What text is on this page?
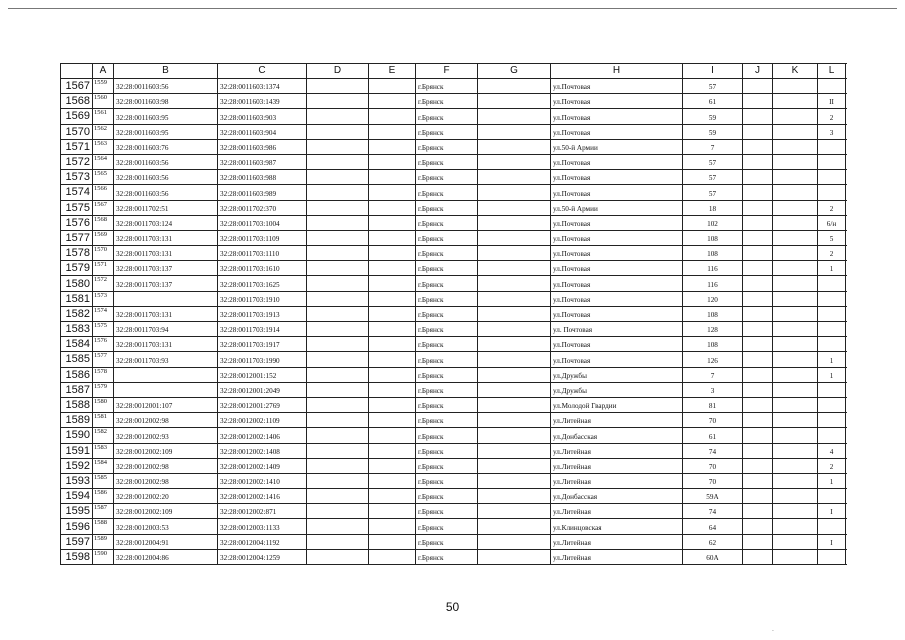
	A	B	C	D	E	F	G	H	I	J	K	L
1567	1559	32:28:0011603:56	32:28:0011603:1374			г.Брянск		ул.Почтовая	57			
1568	1560	32:28:0011603:98	32:28:0011603:1439			г.Брянск		ул.Почтовая	61			II
1569	1561	32:28:0011603:95	32:28:0011603:903			г.Брянск		ул.Почтовая	59			2
1570	1562	32:28:0011603:95	32:28:0011603:904			г.Брянск		ул.Почтовая	59			3
1571	1563	32:28:0011603:76	32:28:0011603:986			г.Брянск		ул.50-й Армии	7			
1572	1564	32:28:0011603:56	32:28:0011603:987			г.Брянск		ул.Почтовая	57			
1573	1565	32:28:0011603:56	32:28:0011603:988			г.Брянск		ул.Почтовая	57			
1574	1566	32:28:0011603:56	32:28:0011603:989			г.Брянск		ул.Почтовая	57			
1575	1567	32:28:0011702:51	32:28:0011702:370			г.Брянск		ул.50-й Армии	18			2
1576	1568	32:28:0011703:124	32:28:0011703:1004			г.Брянск		ул.Почтовая	102			6/н
1577	1569	32:28:0011703:131	32:28:0011703:1109			г.Брянск		ул.Почтовая	108			5
1578	1570	32:28:0011703:131	32:28:0011703:1110			г.Брянск		ул.Почтовая	108			2
1579	1571	32:28:0011703:137	32:28:0011703:1610			г.Брянск		ул.Почтовая	116			1
1580	1572	32:28:0011703:137	32:28:0011703:1625			г.Брянск		ул.Почтовая	116			
1581	1573		32:28:0011703:1910			г.Брянск		ул.Почтовая	120			
1582	1574	32:28:0011703:131	32:28:0011703:1913			г.Брянск		ул.Почтовая	108			
1583	1575	32:28:0011703:94	32:28:0011703:1914			г.Брянск		ул. Почтовая	128			
1584	1576	32:28:0011703:131	32:28:0011703:1917			г.Брянск		ул.Почтовая	108			
1585	1577	32:28:0011703:93	32:28:0011703:1990			г.Брянск		ул.Почтовая	126			1
1586	1578		32:28:0012001:152			г.Брянск		ул.Дружбы	7			1
1587	1579		32:28:0012001:2049			г.Брянск		ул.Дружбы	3			
1588	1580	32:28:0012001:107	32:28:0012001:2769			г.Брянск		ул.Молодой Гвардии	81			
1589	1581	32:28:0012002:98	32:28:0012002:1109			г.Брянск		ул.Литейная	70			
1590	1582	32:28:0012002:93	32:28:0012002:1406			г.Брянск		ул.Донбасская	61			
1591	1583	32:28:0012002:109	32:28:0012002:1408			г.Брянск		ул.Литейная	74			4
1592	1584	32:28:0012002:98	32:28:0012002:1409			г.Брянск		ул.Литейная	70			2
1593	1585	32:28:0012002:98	32:28:0012002:1410			г.Брянск		ул.Литейная	70			1
1594	1586	32:28:0012002:20	32:28:0012002:1416			г.Брянск		ул.Донбасская	59А			
1595	1587	32:28:0012002:109	32:28:0012002:871			г.Брянск		ул.Литейная	74			I
1596	1588	32:28:0012003:53	32:28:0012003:1133			г.Брянск		ул.Клинцовская	64			
1597	1589	32:28:0012004:91	32:28:0012004:1192			г.Брянск		ул.Литейная	62			I
1598	1590	32:28:0012004:86	32:28:0012004:1259			г.Брянск		ул.Литейная	60А			
50
`
